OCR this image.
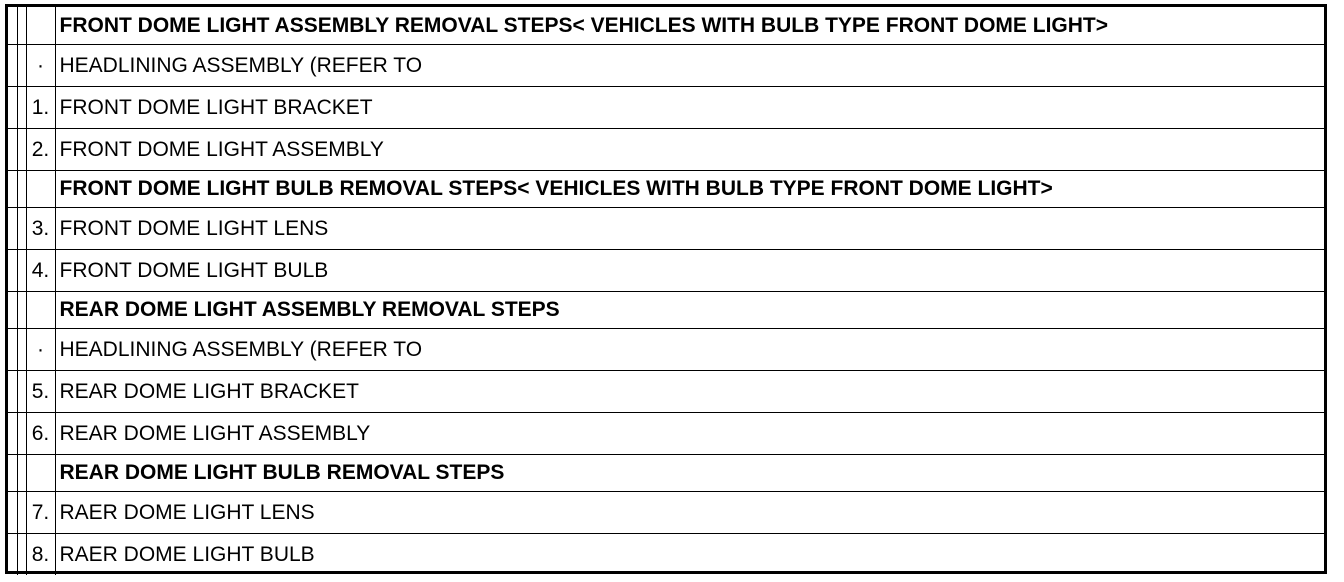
			FRONT DOME LIGHT ASSEMBLY REMOVAL STEPS< VEHICLES WITH BULB TYPE FRONT DOME LIGHT>
		·	HEADLINING ASSEMBLY (REFER TO
		1.	FRONT DOME LIGHT BRACKET
		2.	FRONT DOME LIGHT ASSEMBLY
			FRONT DOME LIGHT BULB REMOVAL STEPS< VEHICLES WITH BULB TYPE FRONT DOME LIGHT>
		3.	FRONT DOME LIGHT LENS
		4.	FRONT DOME LIGHT BULB
			REAR DOME LIGHT ASSEMBLY REMOVAL STEPS
		·	HEADLINING ASSEMBLY (REFER TO
		5.	REAR DOME LIGHT BRACKET
		6.	REAR DOME LIGHT ASSEMBLY
			REAR DOME LIGHT BULB REMOVAL STEPS
		7.	RAER DOME LIGHT LENS
		8.	RAER DOME LIGHT BULB
